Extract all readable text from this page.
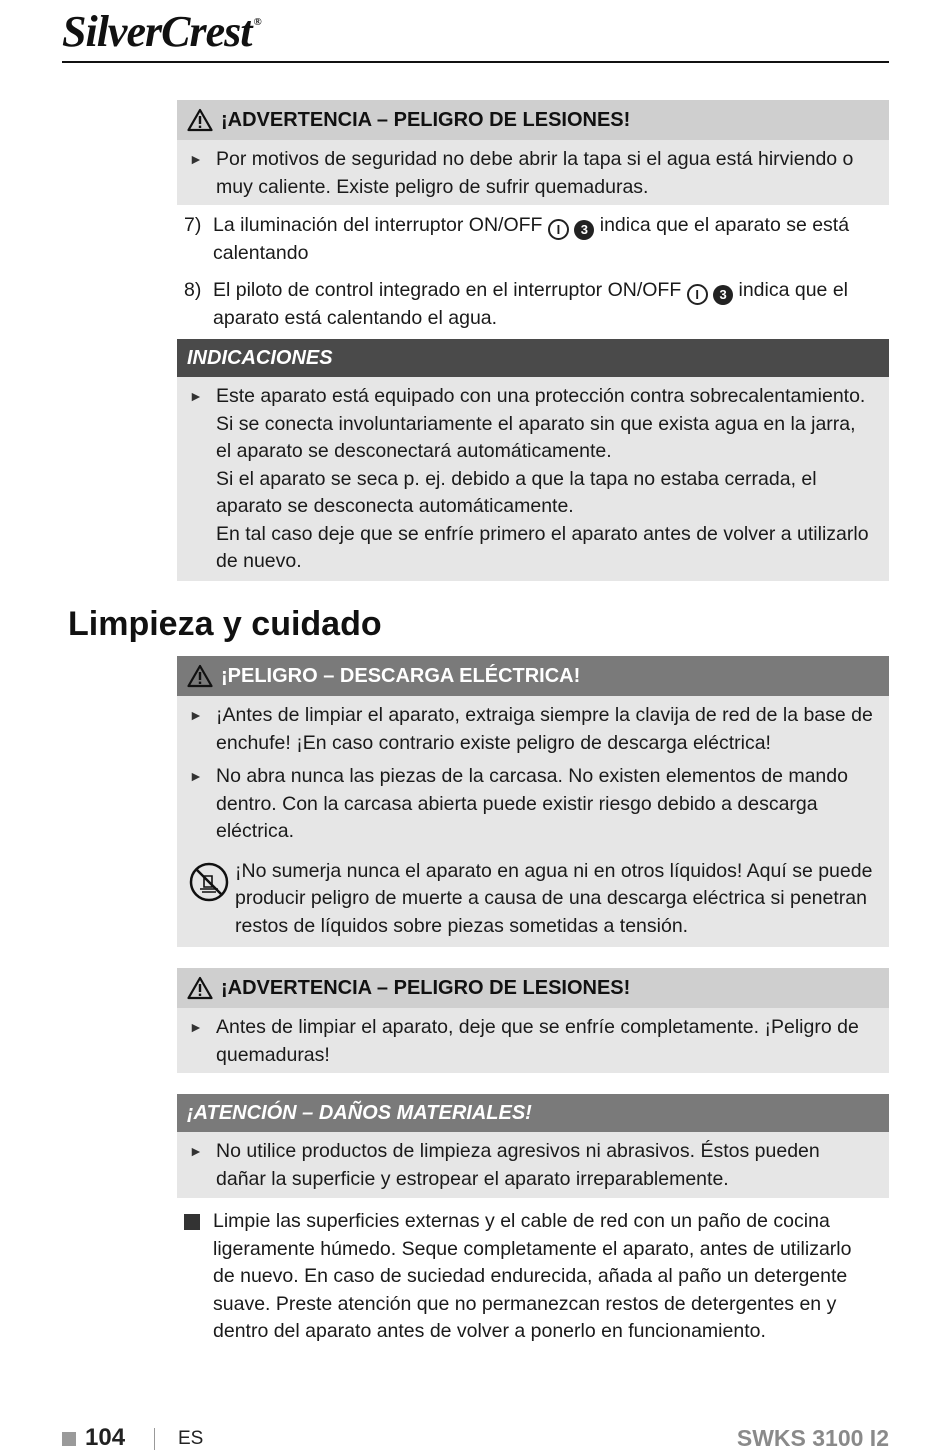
SilverCrest ®
¡ADVERTENCIA – PELIGRO DE LESIONES!
► Por motivos de seguridad no debe abrir la tapa si el agua está hirviendo o muy caliente. Existe peligro de sufrir quemaduras.
7) La iluminación del interruptor ON/OFF I 3 indica que el aparato se está calentando
8) El piloto de control integrado en el interruptor ON/OFF I 3 indica que el aparato está calentando el agua.
INDICACIONES
► Este aparato está equipado con una protección contra sobrecalentamiento.
Si se conecta involuntariamente el aparato sin que exista agua en la jarra, el aparato se desconectará automáticamente.
Si el aparato se seca p. ej. debido a que la tapa no estaba cerrada, el aparato se desconecta automáticamente.
En tal caso deje que se enfríe primero el aparato antes de volver a utilizarlo de nuevo.
Limpieza y cuidado
¡PELIGRO – DESCARGA ELÉCTRICA!
► ¡Antes de limpiar el aparato, extraiga siempre la clavija de red de la base de enchufe! ¡En caso contrario existe peligro de descarga eléctrica!
► No abra nunca las piezas de la carcasa. No existen elementos de mando dentro. Con la carcasa abierta puede existir riesgo debido a descarga eléctrica.
¡No sumerja nunca el aparato en agua ni en otros líquidos! Aquí se puede producir peligro de muerte a causa de una descarga eléctrica si penetran restos de líquidos sobre piezas sometidas a tensión.
¡ADVERTENCIA – PELIGRO DE LESIONES!
► Antes de limpiar el aparato, deje que se enfríe completamente. ¡Peligro de quemaduras!
¡ATENCIÓN – DAÑOS MATERIALES!
► No utilice productos de limpieza agresivos ni abrasivos. Éstos pueden dañar la superficie y estropear el aparato irreparablemente.
Limpie las superficies externas y el cable de red con un paño de cocina ligeramente húmedo. Seque completamente el aparato, antes de utilizarlo de nuevo. En caso de suciedad endurecida, añada al paño un detergente suave. Preste atención que no permanezcan restos de detergentes en y dentro del aparato antes de volver a ponerlo en funcionamiento.
104	ES	SWKS 3100 I2
